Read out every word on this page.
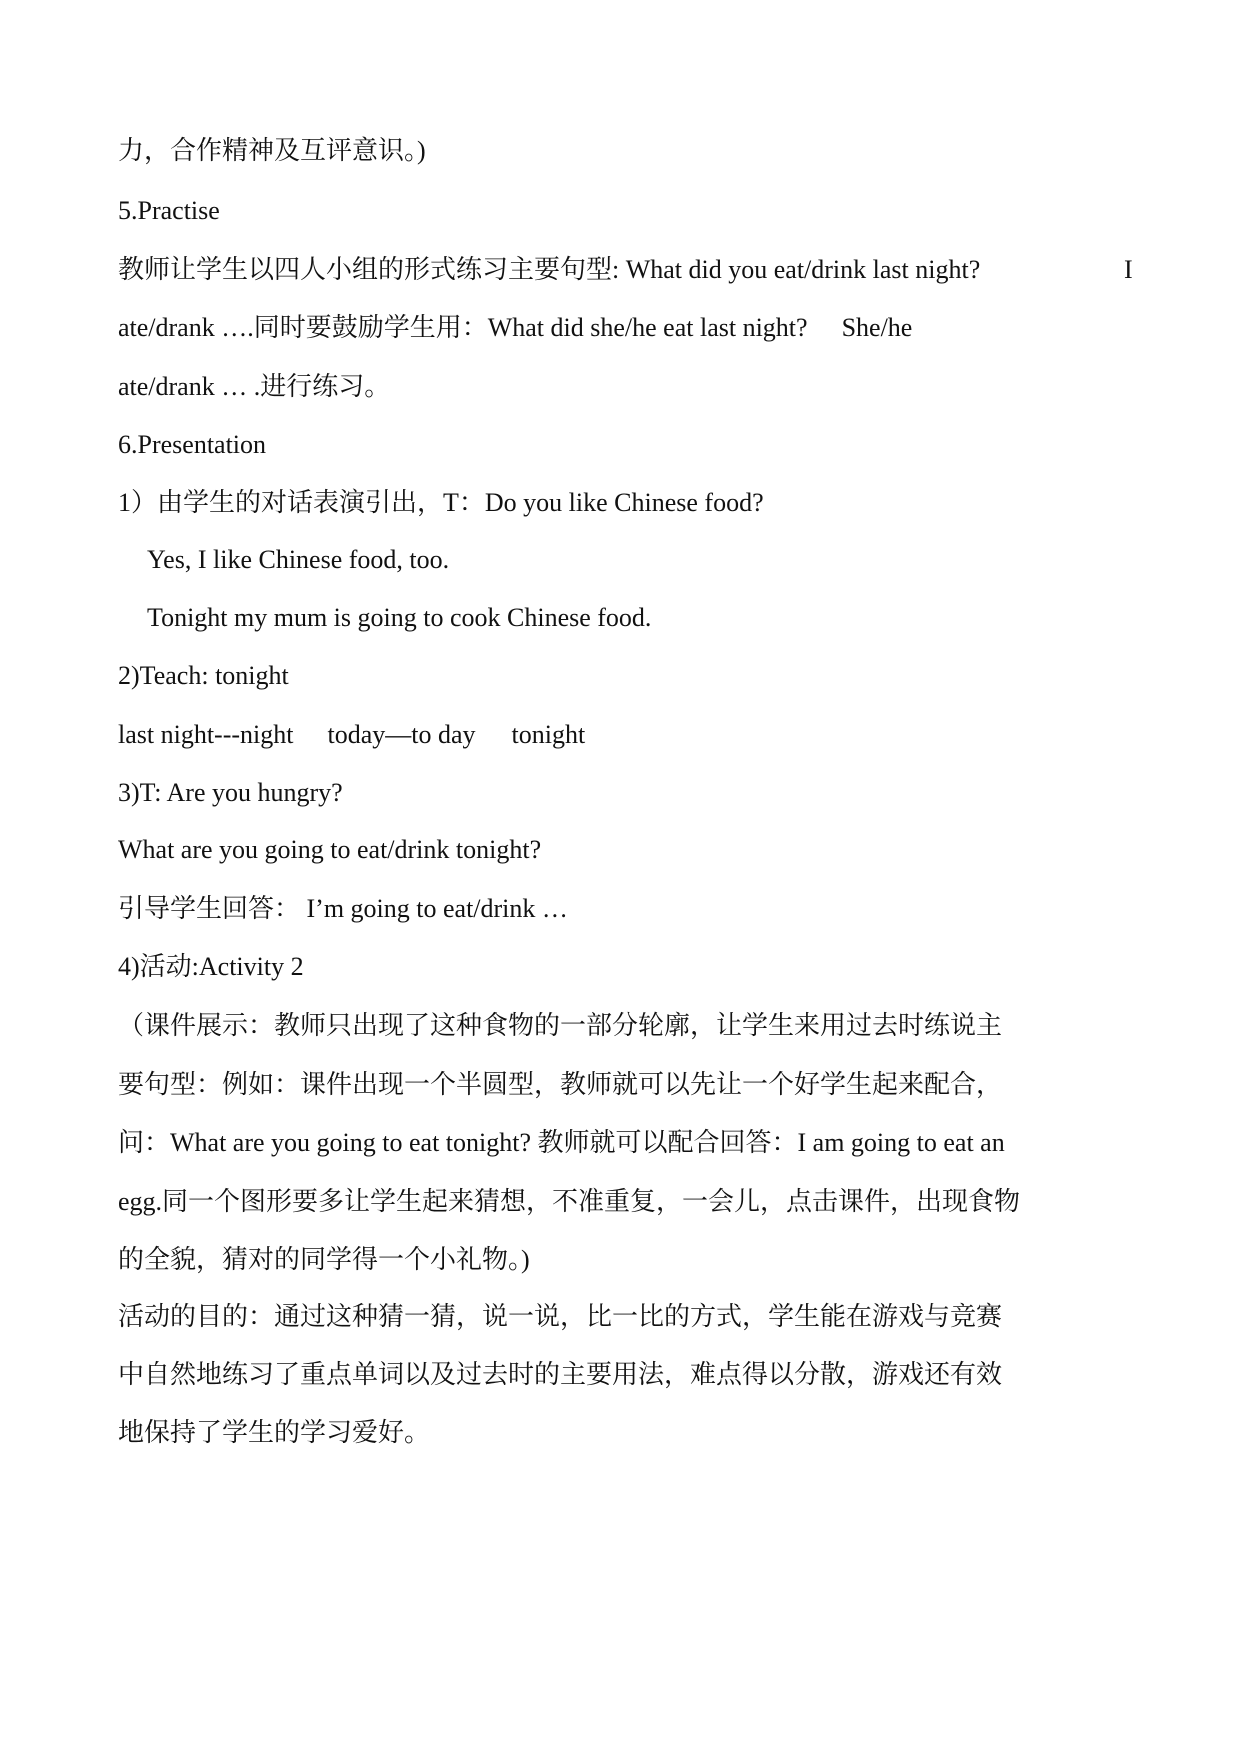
力，合作精神及互评意识。)

5.Practise

教师让学生以四人小组的形式练习主要句型: What did you eat/drink last night?	I

ate/drank ….同时要鼓励学生用：What did she/he eat last night? She/he

ate/drank … .进行练习。

6.Presentation

1）由学生的对话表演引出，T：Do you like Chinese food?

Yes, I like Chinese food, too.

Tonight my mum is going to cook Chinese food.

2)Teach: tonight

last night---night today—to day tonight

3)T: Are you hungry?

What are you going to eat/drink tonight?

引导学生回答： I’m going to eat/drink …

4)活动:Activity 2

（课件展示：教师只出现了这种食物的一部分轮廓，让学生来用过去时练说主

要句型：例如：课件出现一个半圆型，教师就可以先让一个好学生起来配合，

问：What are you going to eat tonight? 教师就可以配合回答：I am going to eat an

egg.同一个图形要多让学生起来猜想，不准重复，一会儿，点击课件，出现食物

的全貌，猜对的同学得一个小礼物。)

活动的目的：通过这种猜一猜，说一说，比一比的方式，学生能在游戏与竞赛

中自然地练习了重点单词以及过去时的主要用法，难点得以分散，游戏还有效

地保持了学生的学习爱好。
